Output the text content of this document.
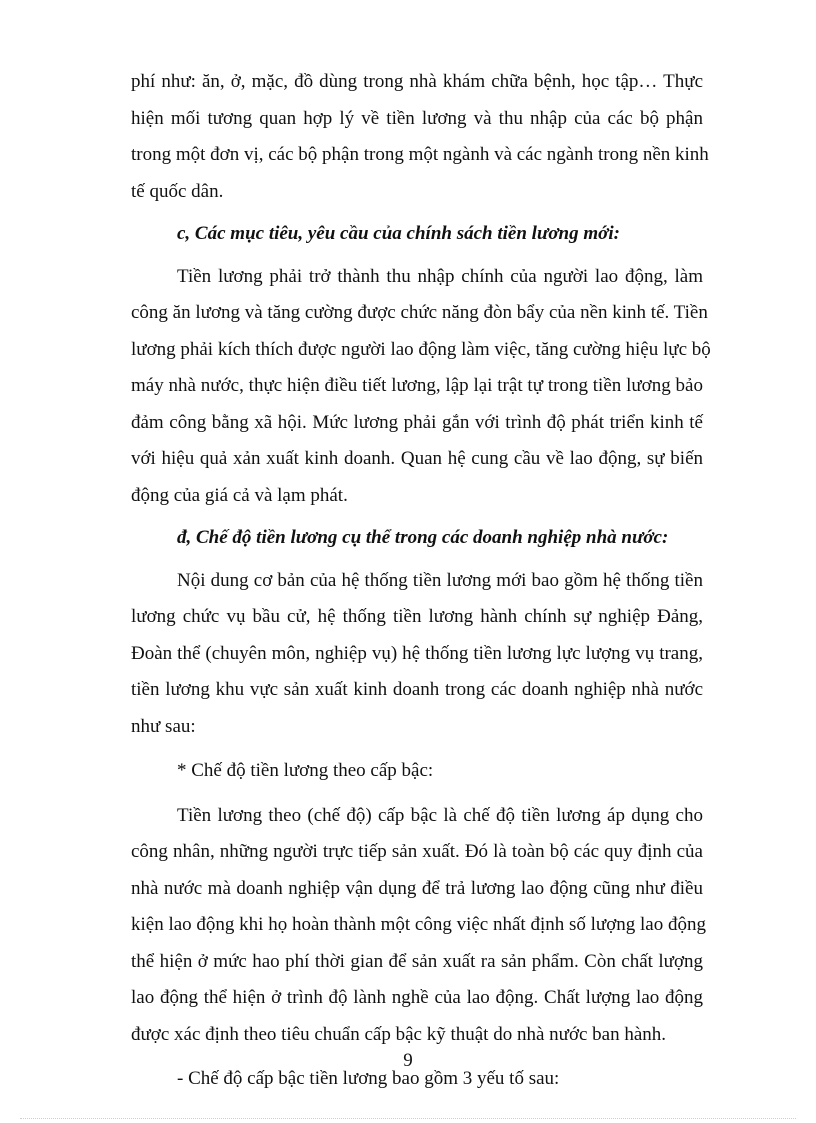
phí như: ăn, ở, mặc, đồ dùng trong nhà khám chữa bệnh, học tập… Thực
hiện mối tương quan hợp lý về tiền lương và thu nhập của các bộ phận
trong một đơn vị, các bộ phận trong một ngành và các ngành trong nền kinh
tế quốc dân.
c, Các mục tiêu, yêu cầu của chính sách tiền lương mới:
Tiền lương phải trở thành thu nhập chính của người lao động, làm
công ăn lương và tăng cường được chức năng đòn bẩy của nền kinh tế. Tiền
lương phải kích thích được người lao động làm việc, tăng cường hiệu lực bộ
máy nhà nước, thực hiện điều tiết lương, lập lại trật tự trong tiền lương bảo
đảm công bằng xã hội. Mức lương phải gắn với trình độ phát triển kinh tế
với hiệu quả xản xuất kinh doanh. Quan hệ cung cầu về lao động, sự biến
động của giá cả và lạm phát.
đ, Chế độ tiền lương cụ thể trong các doanh nghiệp nhà nước:
Nội dung cơ bản của hệ thống tiền lương mới bao gồm hệ thống tiền
lương chức vụ bầu cử, hệ thống tiền lương hành chính sự nghiệp Đảng,
Đoàn thể (chuyên môn, nghiệp vụ) hệ thống tiền lương lực lượng vụ trang,
tiền lương khu vực sản xuất kinh doanh trong các doanh nghiệp nhà nước
như sau:
* Chế độ tiền lương theo cấp bậc:
Tiền lương theo (chế độ) cấp bậc là chế độ tiền lương áp dụng cho
công nhân, những người trực tiếp sản xuất. Đó là toàn bộ các quy định của
nhà nước mà doanh nghiệp vận dụng để trả lương lao động cũng như điều
kiện lao động khi họ hoàn thành một công việc nhất định số lượng lao động
thể hiện ở mức hao phí thời gian để sản xuất ra sản phẩm. Còn chất lượng
lao động thể hiện ở trình độ lành nghề của lao động. Chất lượng lao động
được xác định theo tiêu chuẩn cấp bậc kỹ thuật do nhà nước ban hành.
- Chế độ cấp bậc tiền lương bao gồm 3 yếu tố sau:
9
